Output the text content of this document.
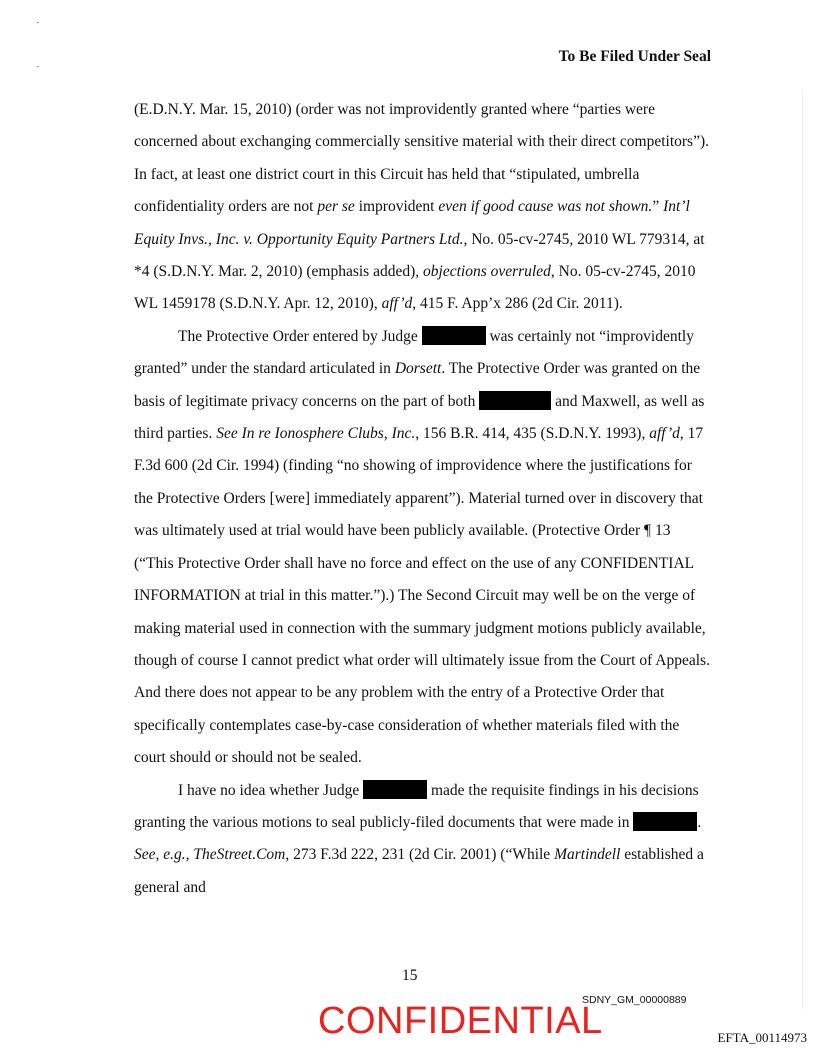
To Be Filed Under Seal

(E.D.N.Y. Mar. 15, 2010) (order was not improvidently granted where “parties were concerned about exchanging commercially sensitive material with their direct competitors”). In fact, at least one district court in this Circuit has held that “stipulated, umbrella confidentiality orders are not per se improvident even if good cause was not shown.” Int’l Equity Invs., Inc. v. Opportunity Equity Partners Ltd., No. 05-cv-2745, 2010 WL 779314, at *4 (S.D.N.Y. Mar. 2, 2010) (emphasis added), objections overruled, No. 05-cv-2745, 2010 WL 1459178 (S.D.N.Y. Apr. 12, 2010), aff’d, 415 F. App’x 286 (2d Cir. 2011).

The Protective Order entered by Judge	was certainly not “improvidently granted” under the standard articulated in Dorsett. The Protective Order was granted on the basis of legitimate privacy concerns on the part of both	and Maxwell, as well as third parties. See In re Ionosphere Clubs, Inc., 156 B.R. 414, 435 (S.D.N.Y. 1993), aff’d, 17 F.3d 600 (2d Cir. 1994) (finding “no showing of improvidence where the justifications for the Protective Orders [were] immediately apparent”). Material turned over in discovery that was ultimately used at trial would have been publicly available. (Protective Order ¶ 13 (“This Protective Order shall have no force and effect on the use of any CONFIDENTIAL INFORMATION at trial in this matter.”).) The Second Circuit may well be on the verge of making material used in connection with the summary judgment motions publicly available, though of course I cannot predict what order will ultimately issue from the Court of Appeals. And there does not appear to be any problem with the entry of a Protective Order that specifically contemplates case-by-case consideration of whether materials filed with the court should or should not be sealed.

I have no idea whether Judge	made the requisite findings in his decisions granting the various motions to seal publicly-filed documents that were made in	. See, e.g., TheStreet.Com, 273 F.3d 222, 231 (2d Cir. 2001) (“While Martindell established a general and

15
SDNY_GM_00000889
CONFIDENTIAL	EFTA_00114973
